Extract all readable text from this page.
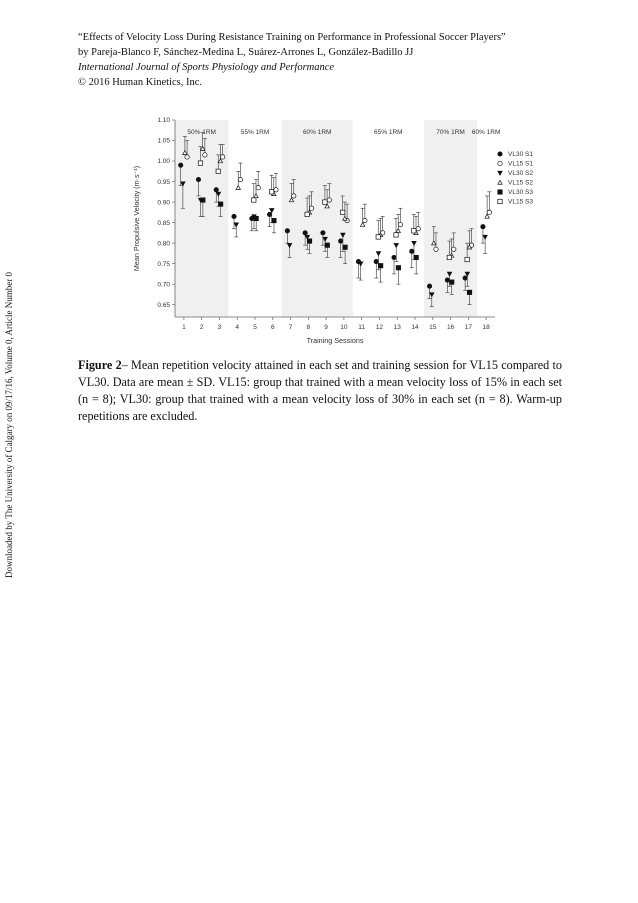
“Effects of Velocity Loss During Resistance Training on Performance in Professional Soccer Players”
by Pareja-Blanco F, Sánchez-Medina L, Suárez-Arrones L, González-Badillo JJ
International Journal of Sports Physiology and Performance
© 2016 Human Kinetics, Inc.
Downloaded by The University of Calgary on 09/17/16, Volume 0, Article Number 0
50% 1RM	55% 1RM	60% 1RM	65% 1RM	70% 1RM 60% 1RM
1.10
1.05
1.00
0.95
0.90
0.85
0.80
0.75
0.70
0.65
1 2 3 4 5 6 7 8 9 10 11 12 13 14 15 16 17 18
Training Sessions
Mean Propulsive Velocity (m·s⁻¹)
VL30 S1
VL15 S1
VL30 S2
VL15 S2
VL30 S3
VL15 S3
Figure 2– Mean repetition velocity attained in each set and training session for VL15 compared to VL30. Data are mean ± SD. VL15: group that trained with a mean velocity loss of 15% in each set (n = 8); VL30: group that trained with a mean velocity loss of 30% in each set (n = 8). Warm-up repetitions are excluded.
